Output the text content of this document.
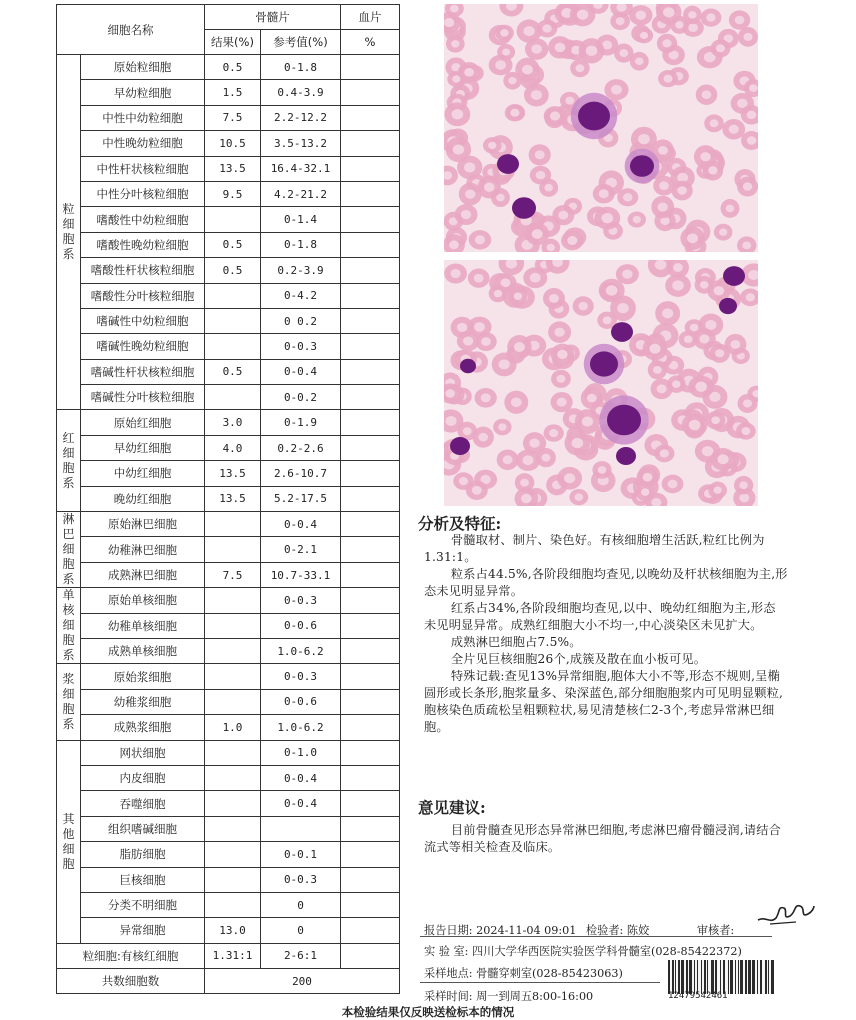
细胞名称		骨髓片		血片
		结果(%)	参考值(%)	%
粒细胞系	原始粒细胞	0.5	0-1.8	
	早幼粒细胞	1.5	0.4-3.9	
	中性中幼粒细胞	7.5	2.2-12.2	
	中性晚幼粒细胞	10.5	3.5-13.2	
	中性杆状核粒细胞	13.5	16.4-32.1	
	中性分叶核粒细胞	9.5	4.2-21.2	
	嗜酸性中幼粒细胞		0-1.4	
	嗜酸性晚幼粒细胞	0.5	0-1.8	
	嗜酸性杆状核粒细胞	0.5	0.2-3.9	
	嗜酸性分叶核粒细胞		0-4.2	
	嗜碱性中幼粒细胞		0 0.2	
	嗜碱性晚幼粒细胞		0-0.3	
	嗜碱性杆状核粒细胞	0.5	0-0.4	
	嗜碱性分叶核粒细胞		0-0.2	
红细胞系	原始红细胞	3.0	0-1.9	
	早幼红细胞	4.0	0.2-2.6	
	中幼红细胞	13.5	2.6-10.7	
	晚幼红细胞	13.5	5.2-17.5	
淋巴细胞系	原始淋巴细胞		0-0.4	
	幼稚淋巴细胞		0-2.1	
	成熟淋巴细胞	7.5	10.7-33.1	
单核细胞系	原始单核细胞		0-0.3	
	幼稚单核细胞		0-0.6	
	成熟单核细胞		1.0-6.2	
浆细胞系	原始浆细胞		0-0.3	
	幼稚浆细胞		0-0.6	
	成熟浆细胞	1.0	1.0-6.2	
其他细胞	网状细胞		0-1.0	
	内皮细胞		0-0.4	
	吞噬细胞		0-0.4	
	组织嗜碱细胞			
	脂肪细胞		0-0.1	
	巨核细胞		0-0.3	
	分类不明细胞		0	
	异常细胞	13.0	0	
粒细胞:有核红细胞		1.31:1	2-6:1	
共数细胞数		200		
分析及特征:

骨髓取材、制片、染色好。有核细胞增生活跃,粒红比例为1.31:1。

粒系占44.5%,各阶段细胞均查见,以晚幼及杆状核细胞为主,形态未见明显异常。

红系占34%,各阶段细胞均查见,以中、晚幼红细胞为主,形态未见明显异常。成熟红细胞大小不均一,中心淡染区未见扩大。

成熟淋巴细胞占7.5%。

全片见巨核细胞26个,成簇及散在血小板可见。

特殊记载:查见13%异常细胞,胞体大小不等,形态不规则,呈椭圆形或长条形,胞浆量多、染深蓝色,部分细胞胞浆内可见明显颗粒,胞核染色质疏松呈粗颗粒状,易见清楚核仁2-3个,考虑异常淋巴细胞。

意见建议:

目前骨髓查见形态异常淋巴细胞,考虑淋巴瘤骨髓浸润,请结合流式等相关检查及临床。

报告日期: 2024-11-04 09:01 检验者: 陈姣	审核者:
实 验 室: 四川大学华西医院实验医学科骨髓室(028-85422372)
采样地点: 骨髓穿刺室(028-85423063)
采样时间: 周一到周五8:00-16:00	12479542461
本检验结果仅反映送检标本的情况
